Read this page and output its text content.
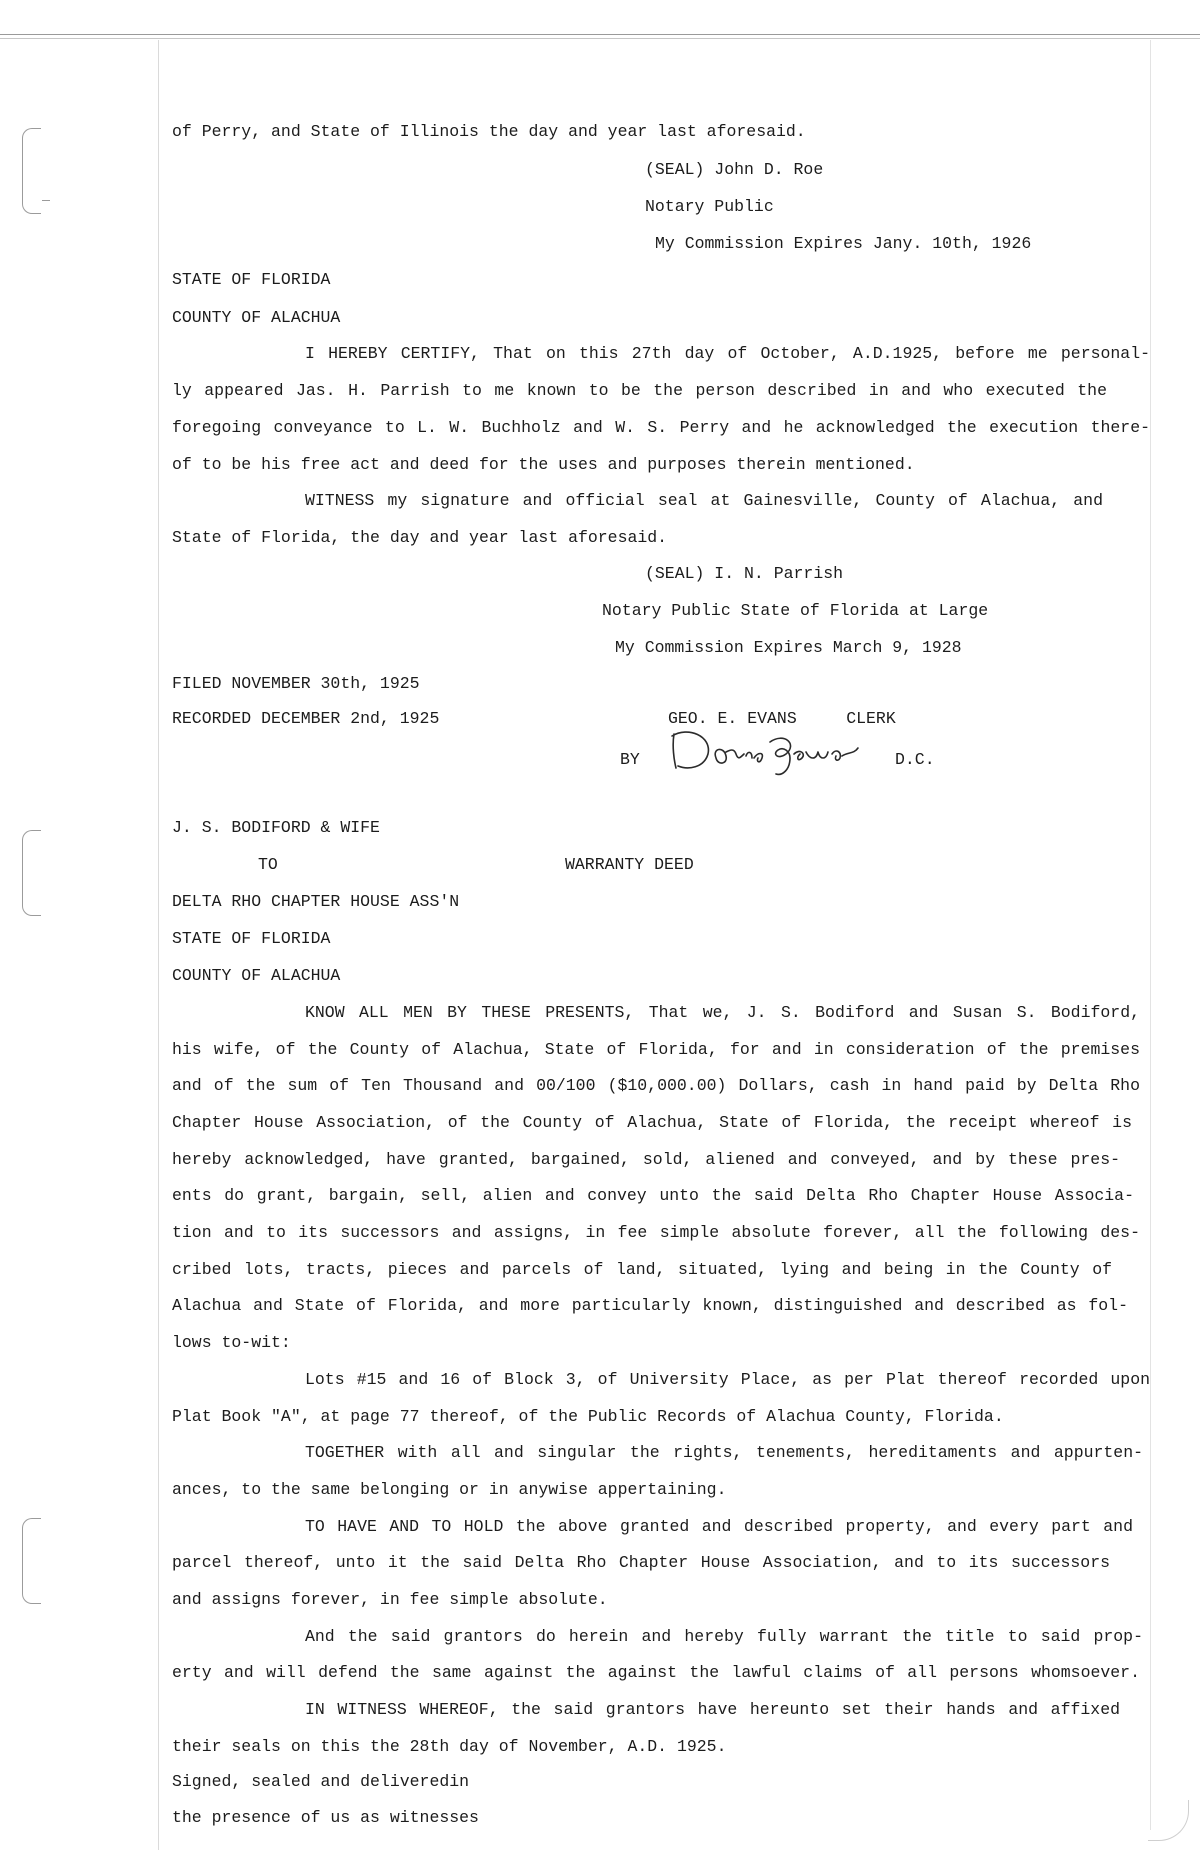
of Perry, and State of Illinois the day and year last aforesaid.
(SEAL) John D. Roe
Notary Public
My Commission Expires Jany. 10th, 1926
STATE OF FLORIDA
COUNTY OF ALACHUA
I HEREBY CERTIFY, That on this 27th day of October, A.D.1925, before me personal-
ly appeared Jas. H. Parrish to me known to be the person described in and who executed the
foregoing conveyance to L. W. Buchholz and W. S. Perry and he acknowledged the execution there-
of to be his free act and deed for the uses and purposes therein mentioned.
WITNESS my signature and official seal at Gainesville, County of Alachua, and
State of Florida, the day and year last aforesaid.
(SEAL) I. N. Parrish
Notary Public State of Florida at Large
My Commission Expires March 9, 1928
FILED NOVEMBER 30th, 1925
RECORDED DECEMBER 2nd, 1925	GEO. E. EVANS     CLERK
BY	D.C.
J. S. BODIFORD & WIFE
TO	WARRANTY DEED
DELTA RHO CHAPTER HOUSE ASS'N
STATE OF FLORIDA
COUNTY OF ALACHUA
KNOW ALL MEN BY THESE PRESENTS, That we, J. S. Bodiford and Susan S. Bodiford,
his wife, of the County of Alachua, State of Florida, for and in consideration of the premises
and of the sum of Ten Thousand and 00/100 ($10,000.00) Dollars, cash in hand paid by Delta Rho
Chapter House Association, of the County of Alachua, State of Florida, the receipt whereof is
hereby acknowledged, have granted, bargained, sold, aliened and conveyed, and by these pres-
ents do grant, bargain, sell, alien and convey unto the said Delta Rho Chapter House Associa-
tion and to its successors and assigns, in fee simple absolute forever, all the following des-
cribed lots, tracts, pieces and parcels of land, situated, lying and being in the County of
Alachua and State of Florida, and more particularly known, distinguished and described as fol-
lows to-wit:
Lots #15 and 16 of Block 3, of University Place, as per Plat thereof recorded upon
Plat Book "A", at page 77 thereof, of the Public Records of Alachua County, Florida.
TOGETHER with all and singular the rights, tenements, hereditaments and appurten-
ances, to the same belonging or in anywise appertaining.
TO HAVE AND TO HOLD the above granted and described property, and every part and
parcel thereof, unto it the said Delta Rho Chapter House Association, and to its successors
and assigns forever, in fee simple absolute.
And the said grantors do herein and hereby fully warrant the title to said prop-
erty and will defend the same against the against the lawful claims of all persons whomsoever.
IN WITNESS WHEREOF, the said grantors have hereunto set their hands and affixed
their seals on this the 28th day of November, A.D. 1925.
Signed, sealed and deliveredin
the presence of us as witnesses
